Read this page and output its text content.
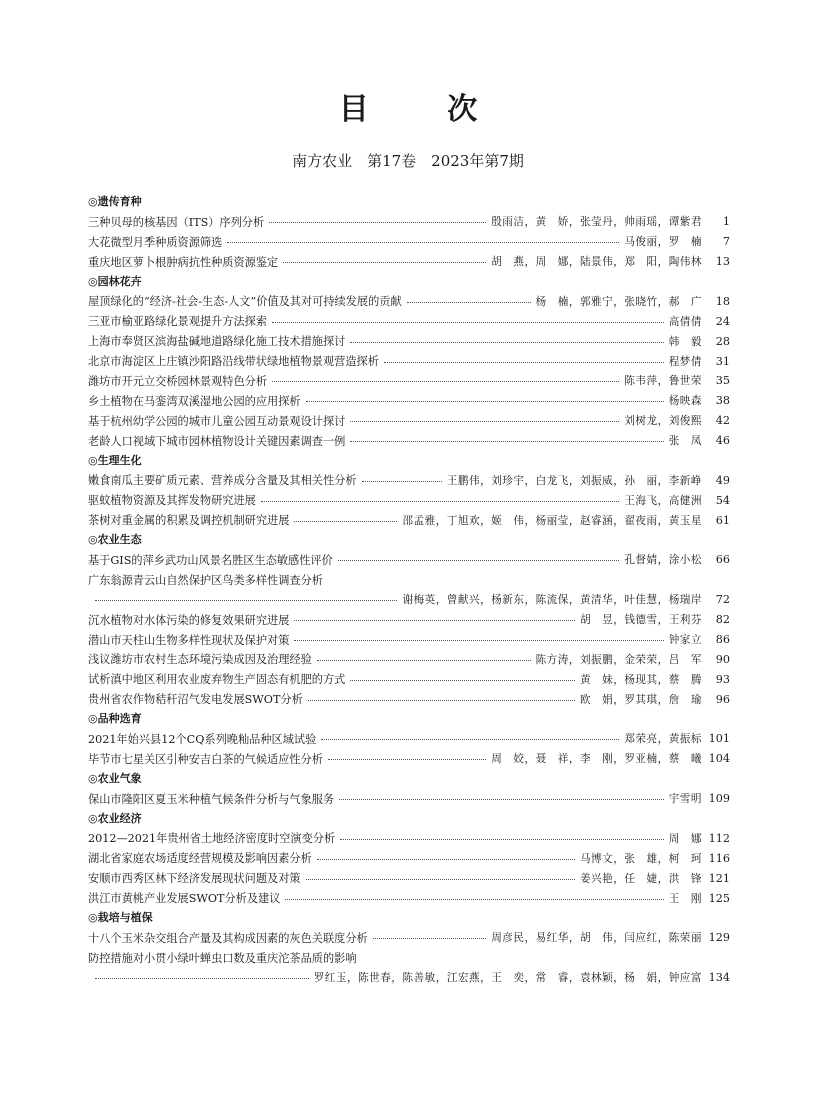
目 次
南方农业　第17卷　2023年第7期
◎遗传育种
三种贝母的核基因（ITS）序列分析	殷雨洁，黄　娇，张莹丹，帅雨瑶，谭紫君	1
大花微型月季种质资源筛选	马俊丽，罗　楠	7
重庆地区萝卜根肿病抗性种质资源鉴定	胡　燕，周　娜，陆景伟，郑　阳，陶伟林	13
◎园林花卉
屋顶绿化的“经济-社会-生态-人文”价值及其对可持续发展的贡献	杨　楠，郭雅宁，张晓竹，郝　广	18
三亚市榆亚路绿化景观提升方法探索	高倩倩	24
上海市奉贤区滨海盐碱地道路绿化施工技术措施探讨	韩　毅	28
北京市海淀区上庄镇沙阳路沿线带状绿地植物景观营造探析	程梦倩	31
潍坊市开元立交桥园林景观特色分析	陈韦萍，鲁世荣	35
乡土植物在马銮湾双溪湿地公园的应用探析	杨映森	38
基于杭州幼学公园的城市儿童公园互动景观设计探讨	刘树龙，刘俊熙	42
老龄人口视域下城市园林植物设计关键因素调查一例	张　凤	46
◎生理生化
嫩食南瓜主要矿质元素、营养成分含量及其相关性分析	王鹏伟，刘珍宇，白龙飞，刘振威，孙　丽，李新峥	49
驱蚊植物资源及其挥发物研究进展	王海飞，高健洲	54
茶树对重金属的积累及调控机制研究进展	邵孟雅，丁旭欢，姬　伟，杨丽莹，赵睿涵，翟夜雨，黄玉星	61
◎农业生态
基于GIS的萍乡武功山风景名胜区生态敏感性评价	孔督婧，涂小松	66
广东翁源青云山自然保护区鸟类多样性调查分析
谢梅英，曾献兴，杨新东，陈流保，黄清华，叶佳慧，杨瑞岸	72
沉水植物对水体污染的修复效果研究进展	胡　昱，钱德雪，王利芬	82
潜山市天柱山生物多样性现状及保护对策	钟家立	86
浅议潍坊市农村生态环境污染成因及治理经验	陈方涛，刘振鹏，金荣荣，吕　军	90
试析滇中地区利用农业废弃物生产固态有机肥的方式	黄　妹，杨现其，蔡　腾	93
贵州省农作物秸秆沼气发电发展SWOT分析	欧　娟，罗其琪，詹　瑜	96
◎品种选育
2021年始兴县12个CQ系列晚籼品种区域试验	郑荣亮，黄振标 101
毕节市七星关区引种安吉白茶的气候适应性分析	周　姣，聂　祥，李　刚，罗亚楠，蔡　曦 104
◎农业气象
保山市隆阳区夏玉米种植气候条件分析与气象服务	宇雪明 109
◎农业经济
2012—2021年贵州省土地经济密度时空演变分析	周　娜 112
湖北省家庭农场适度经营规模及影响因素分析	马博文，张　雄，柯　珂 116
安顺市西秀区林下经济发展现状问题及对策	姜兴艳，任　婕，洪　锋 121
洪江市黄桃产业发展SWOT分析及建议	王　刚 125
◎栽培与植保
十八个玉米杂交组合产量及其构成因素的灰色关联度分析	周彦民，易红华，胡　伟，闫应红，陈荣丽 129
防控措施对小贯小绿叶蝉虫口数及重庆沱茶品质的影响
罗红玉，陈世春，陈善敏，江宏燕，王　奕，常　睿，袁林颖，杨　娟，钟应富 134
